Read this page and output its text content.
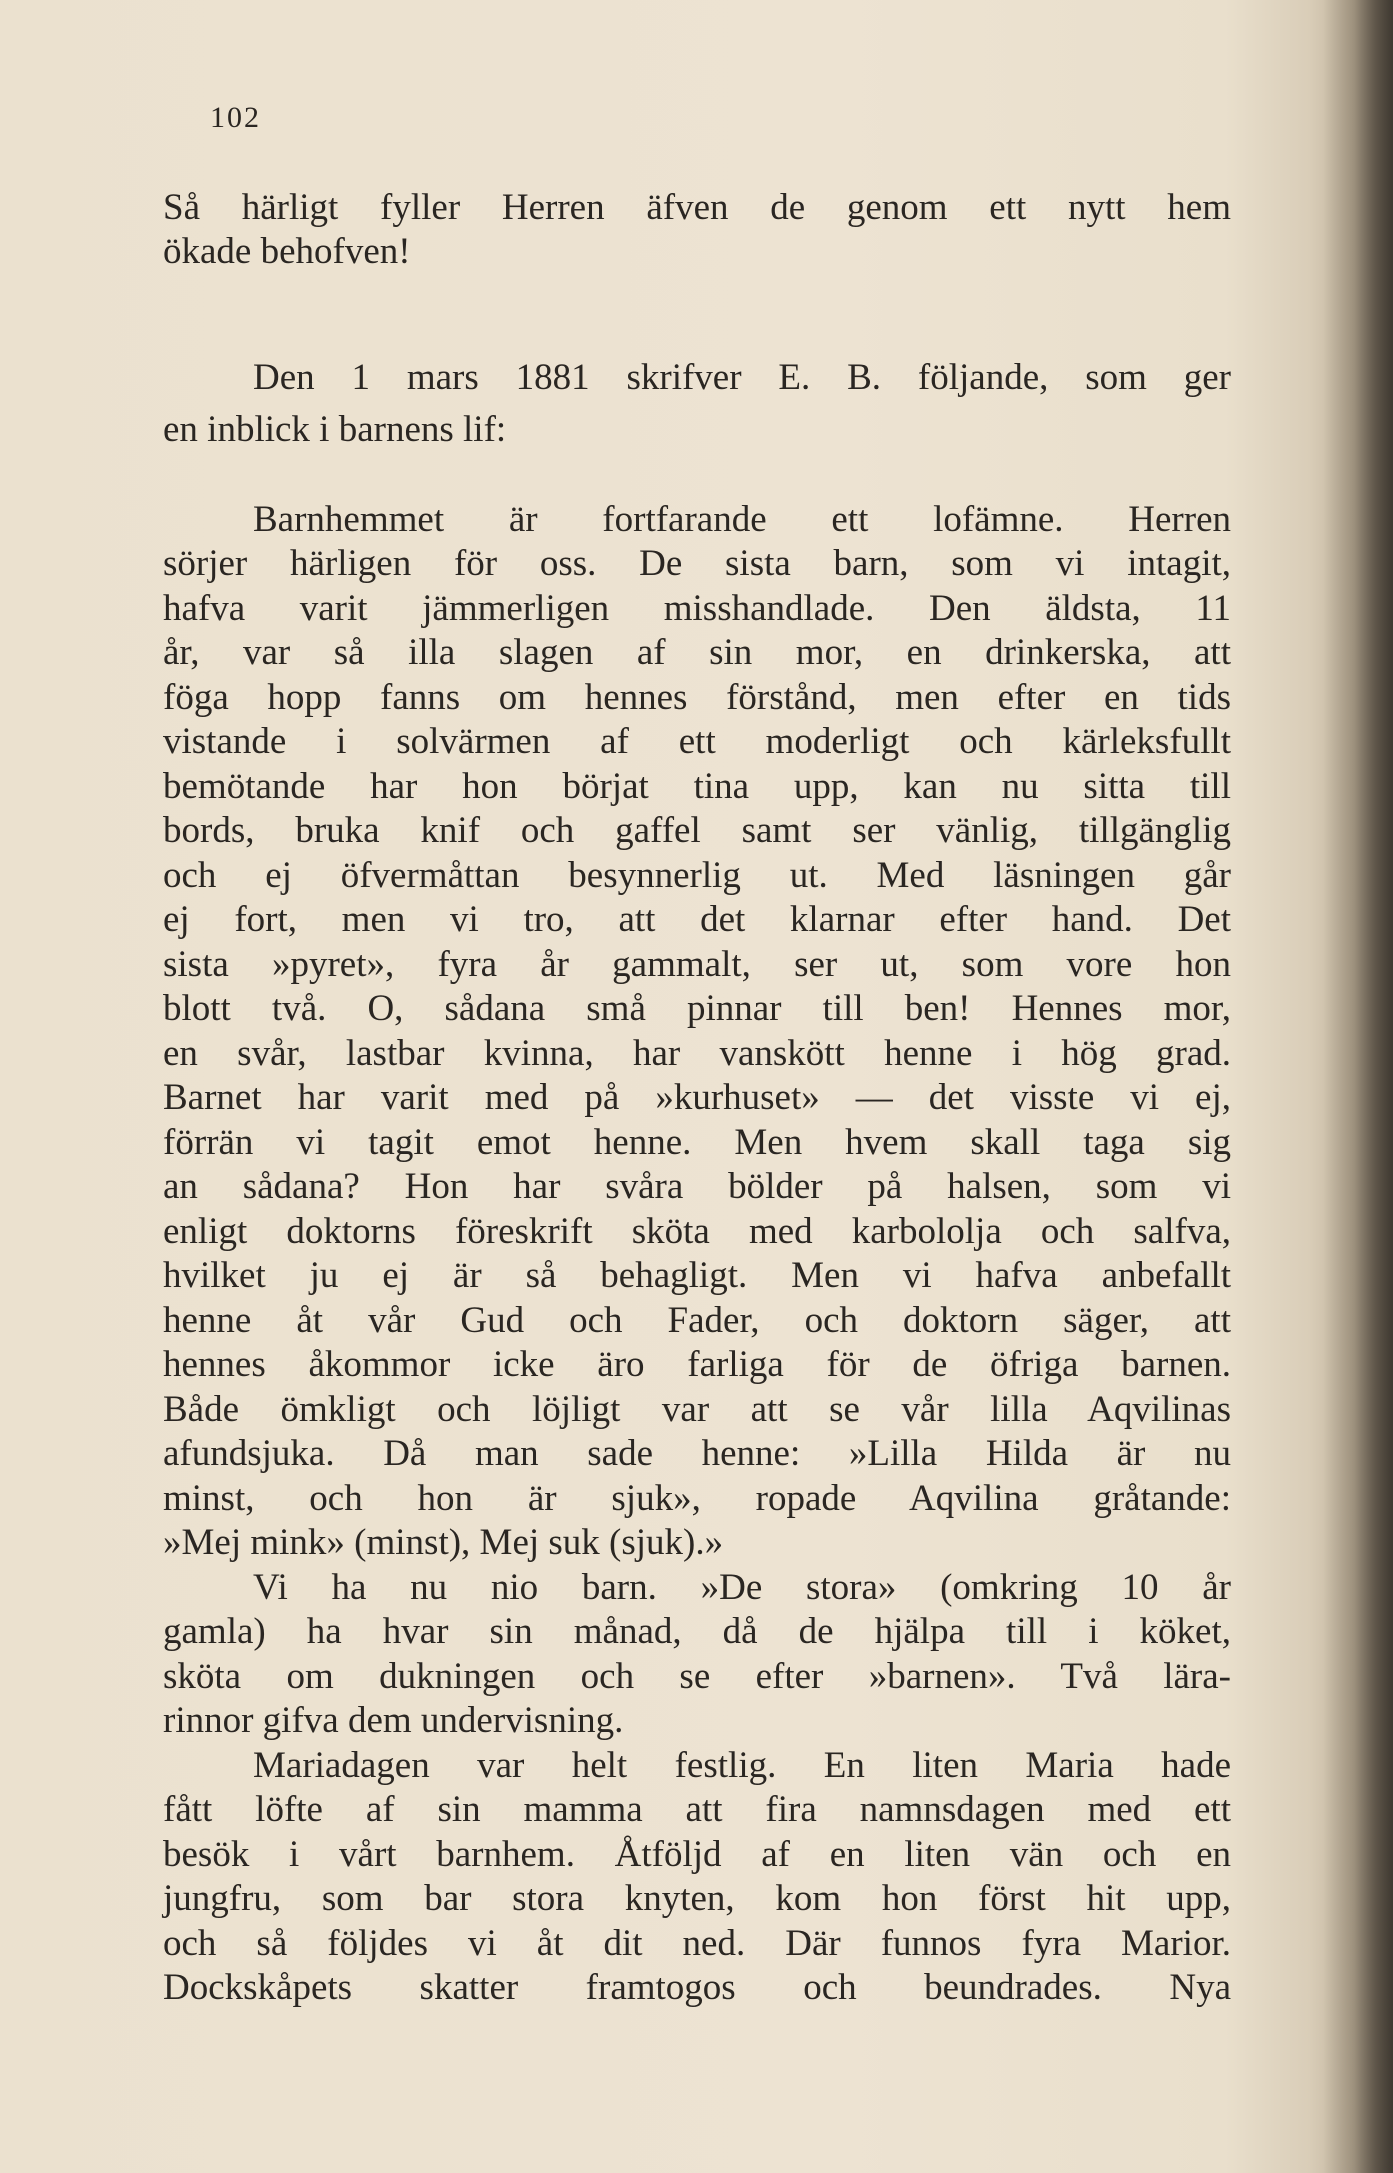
102
Så härligt fyller Herren äfven de genom ett nytt hem
ökade behofven!
Den 1 mars 1881 skrifver E. B. följande, som ger
en inblick i barnens lif:
Barnhemmet är fortfarande ett lofämne. Herren
sörjer härligen för oss. De sista barn, som vi intagit,
hafva varit jämmerligen misshandlade. Den äldsta, 11
år, var så illa slagen af sin mor, en drinkerska, att
föga hopp fanns om hennes förstånd, men efter en tids
vistande i solvärmen af ett moderligt och kärleksfullt
bemötande har hon börjat tina upp, kan nu sitta till
bords, bruka knif och gaffel samt ser vänlig, tillgänglig
och ej öfvermåttan besynnerlig ut. Med läsningen går
ej fort, men vi tro, att det klarnar efter hand. Det
sista »pyret», fyra år gammalt, ser ut, som vore hon
blott två. O, sådana små pinnar till ben! Hennes mor,
en svår, lastbar kvinna, har vanskött henne i hög grad.
Barnet har varit med på »kurhuset» — det visste vi ej,
förrän vi tagit emot henne. Men hvem skall taga sig
an sådana? Hon har svåra bölder på halsen, som vi
enligt doktorns föreskrift sköta med karbololja och salfva,
hvilket ju ej är så behagligt. Men vi hafva anbefallt
henne åt vår Gud och Fader, och doktorn säger, att
hennes åkommor icke äro farliga för de öfriga barnen.
Både ömkligt och löjligt var att se vår lilla Aqvilinas
afundsjuka. Då man sade henne: »Lilla Hilda är nu
minst, och hon är sjuk», ropade Aqvilina gråtande:
»Mej mink» (minst), Mej suk (sjuk).»
Vi ha nu nio barn. »De stora» (omkring 10 år
gamla) ha hvar sin månad, då de hjälpa till i köket,
sköta om dukningen och se efter »barnen». Två lära-
rinnor gifva dem undervisning.
Mariadagen var helt festlig. En liten Maria hade
fått löfte af sin mamma att fira namnsdagen med ett
besök i vårt barnhem. Åtföljd af en liten vän och en
jungfru, som bar stora knyten, kom hon först hit upp,
och så följdes vi åt dit ned. Där funnos fyra Marior.
Dockskåpets skatter framtogos och beundrades. Nya
